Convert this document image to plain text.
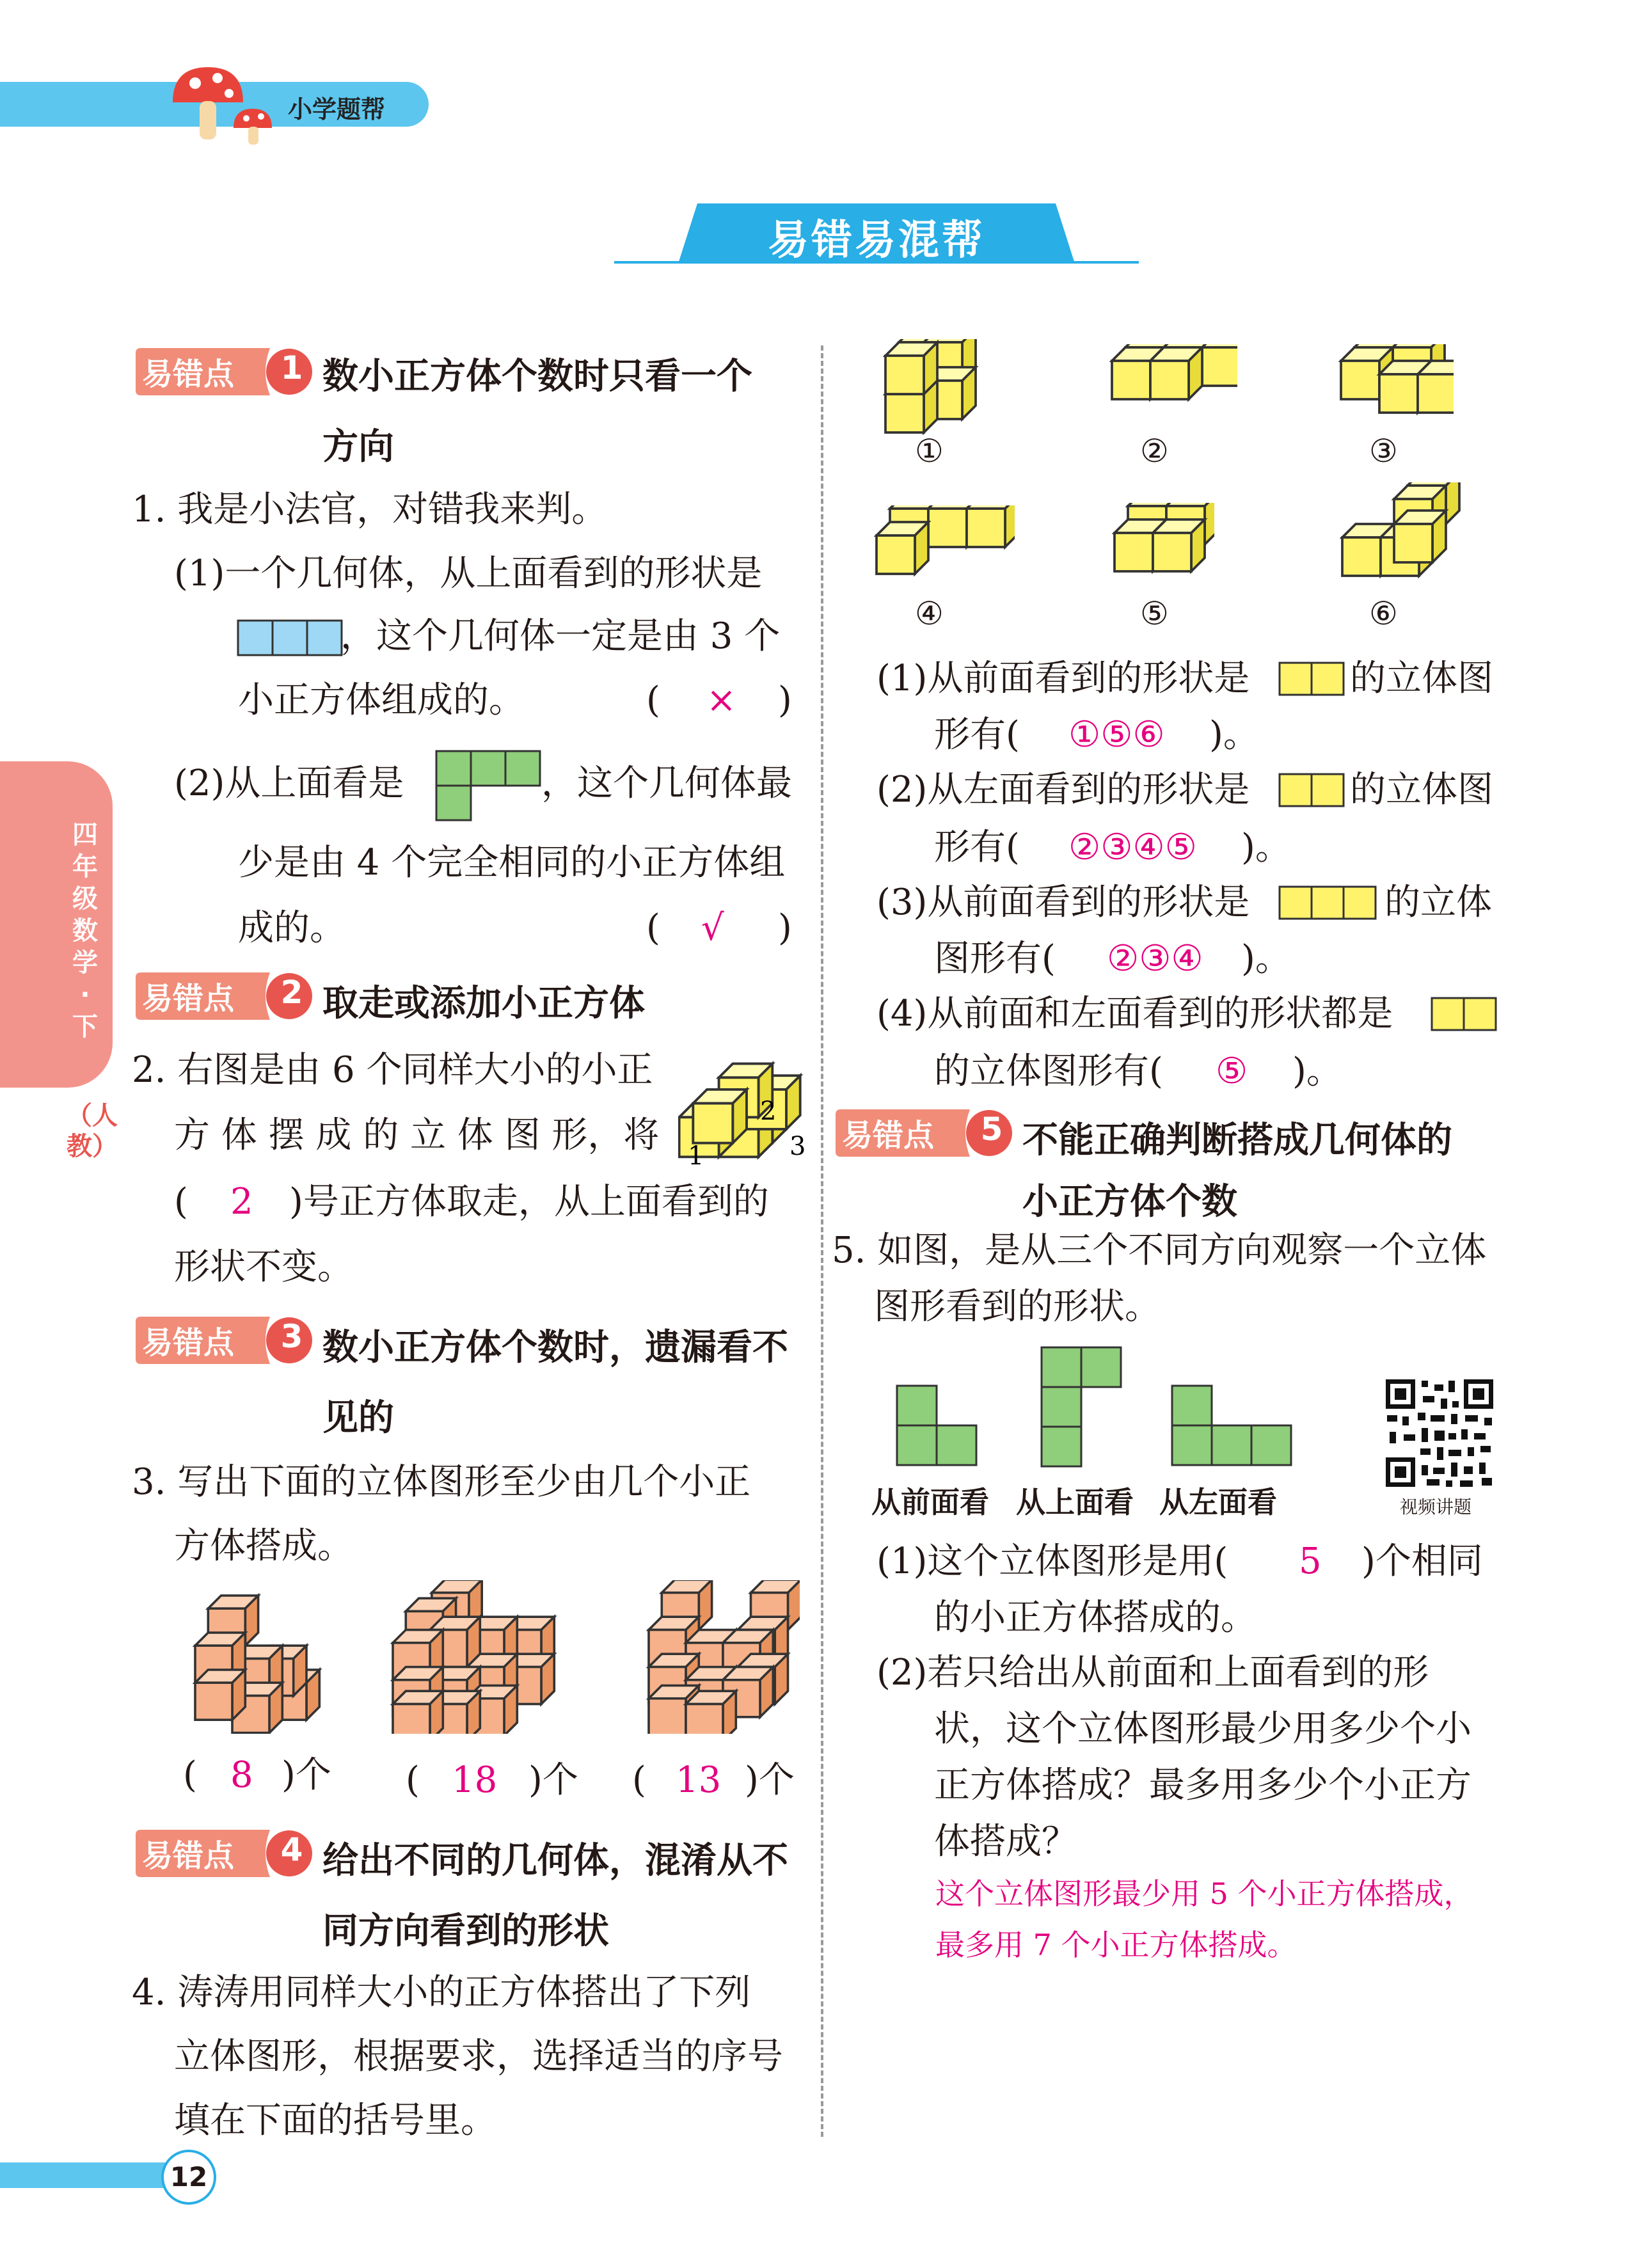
小学题帮
易错易混帮
四年级数学·下
（人教）
易错点 1 数小正方体个数时只看一个
方向
1. 我是小法官，对错我来判。
(1)一个几何体，从上面看到的形状是
，这个几何体一定是由 3 个
小正方体组成的。	( × )
(2)从上面看是	，这个几何体最
少是由 4 个完全相同的小正方体组
成的。	( √ )
易错点 2 取走或添加小正方体
2. 右图是由 6 个同样大小的小正
方 体 摆 成 的 立 体 图 形，将
( 2 )号正方体取走，从上面看到的
形状不变。
2
3
1
易错点 3 数小正方体个数时，遗漏看不
见的
3. 写出下面的立体图形至少由几个小正
方体搭成。
( 8 )个 ( 18 )个 ( 13 )个
易错点 4 给出不同的几何体，混淆从不
同方向看到的形状
4. 涛涛用同样大小的正方体搭出了下列
立体图形，根据要求，选择适当的序号
填在下面的括号里。
12
①	②	③
④	⑤	⑥
(1)从前面看到的形状是	的立体图
形有( ①⑤⑥ )。
(2)从左面看到的形状是	的立体图
形有( ②③④⑤ )。
(3)从前面看到的形状是	的立体
图形有( ②③④ )。
(4)从前面和左面看到的形状都是
的立体图形有( ⑤ )。
易错点 5 不能正确判断搭成几何体的
小正方体个数
5. 如图，是从三个不同方向观察一个立体
图形看到的形状。
从前面看 从上面看 从左面看	视频讲题
(1)这个立体图形是用( 5 )个相同
的小正方体搭成的。
(2)若只给出从前面和上面看到的形
状，这个立体图形最少用多少个小
正方体搭成？最多用多少个小正方
体搭成？
这个立体图形最少用 5 个小正方体搭成，
最多用 7 个小正方体搭成。
